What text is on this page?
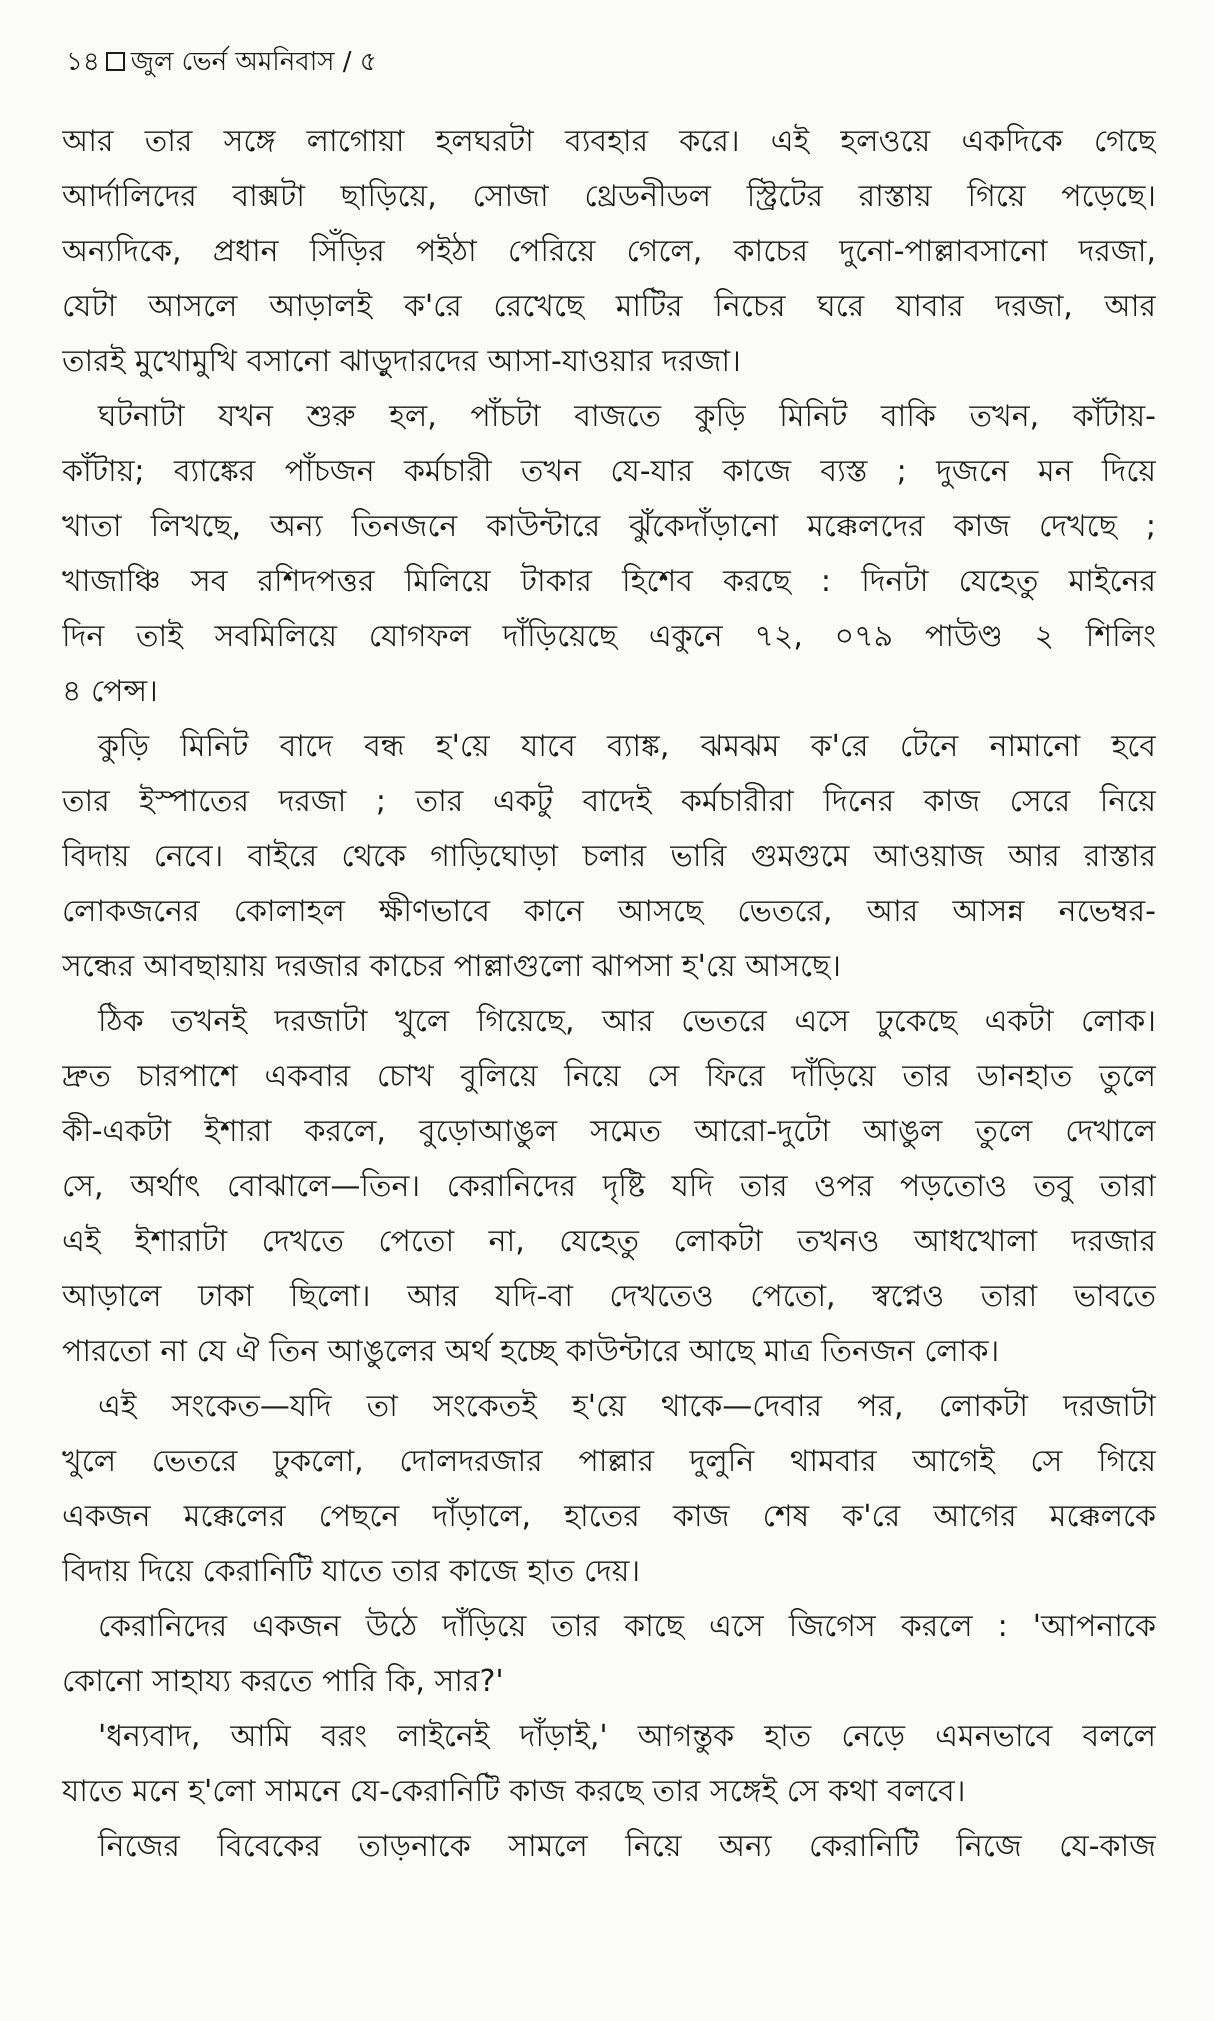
১৪ জুল ভের্ন অমনিবাস / ৫
আর তার সঙ্গে লাগোয়া হলঘরটা ব্যবহার করে। এই হলওয়ে একদিকে গেছে
আর্দালিদের বাক্সটা ছাড়িয়ে, সোজা থ্রেডনীডল স্ট্রিটের রাস্তায় গিয়ে পড়েছে।
অন্যদিকে, প্রধান সিঁড়ির পইঠা পেরিয়ে গেলে, কাচের দুনো-পাল্লাবসানো দরজা,
যেটা আসলে আড়ালই ক'রে রেখেছে মাটির নিচের ঘরে যাবার দরজা, আর
তারই মুখোমুখি বসানো ঝাড়ুদারদের আসা-যাওয়ার দরজা।
ঘটনাটা যখন শুরু হল, পাঁচটা বাজতে কুড়ি মিনিট বাকি তখন, কাঁটায়-
কাঁটায়; ব্যাঙ্কের পাঁচজন কর্মচারী তখন যে-যার কাজে ব্যস্ত ; দুজনে মন দিয়ে
খাতা লিখছে, অন্য তিনজনে কাউন্টারে ঝুঁকেদাঁড়ানো মক্কেলদের কাজ দেখছে ;
খাজাঞ্চি সব রশিদপত্তর মিলিয়ে টাকার হিশেব করছে : দিনটা যেহেতু মাইনের
দিন তাই সবমিলিয়ে যোগফল দাঁড়িয়েছে একুনে ৭২, ০৭৯ পাউণ্ড ২ শিলিং
৪ পেন্স।
কুড়ি মিনিট বাদে বন্ধ হ'য়ে যাবে ব্যাঙ্ক, ঝমঝম ক'রে টেনে নামানো হবে
তার ইস্পাতের দরজা ; তার একটু বাদেই কর্মচারীরা দিনের কাজ সেরে নিয়ে
বিদায় নেবে। বাইরে থেকে গাড়িঘোড়া চলার ভারি গুমগুমে আওয়াজ আর রাস্তার
লোকজনের কোলাহল ক্ষীণভাবে কানে আসছে ভেতরে, আর আসন্ন নভেম্বর-
সন্ধের আবছায়ায় দরজার কাচের পাল্লাগুলো ঝাপসা হ'য়ে আসছে।
ঠিক তখনই দরজাটা খুলে গিয়েছে, আর ভেতরে এসে ঢুকেছে একটা লোক।
দ্রুত চারপাশে একবার চোখ বুলিয়ে নিয়ে সে ফিরে দাঁড়িয়ে তার ডানহাত তুলে
কী-একটা ইশারা করলে, বুড়োআঙুল সমেত আরো-দুটো আঙুল তুলে দেখালে
সে, অর্থাৎ বোঝালে—তিন। কেরানিদের দৃষ্টি যদি তার ওপর পড়তোও তবু তারা
এই ইশারাটা দেখতে পেতো না, যেহেতু লোকটা তখনও আধখোলা দরজার
আড়ালে ঢাকা ছিলো। আর যদি-বা দেখতেও পেতো, স্বপ্নেও তারা ভাবতে
পারতো না যে ঐ তিন আঙুলের অর্থ হচ্ছে কাউন্টারে আছে মাত্র তিনজন লোক।
এই সংকেত—যদি তা সংকেতই হ'য়ে থাকে—দেবার পর, লোকটা দরজাটা
খুলে ভেতরে ঢুকলো, দোলদরজার পাল্লার দুলুনি থামবার আগেই সে গিয়ে
একজন মক্কেলের পেছনে দাঁড়ালে, হাতের কাজ শেষ ক'রে আগের মক্কেলকে
বিদায় দিয়ে কেরানিটি যাতে তার কাজে হাত দেয়।
কেরানিদের একজন উঠে দাঁড়িয়ে তার কাছে এসে জিগেস করলে : 'আপনাকে
কোনো সাহায্য করতে পারি কি, সার?'
'ধন্যবাদ, আমি বরং লাইনেই দাঁড়াই,' আগন্তুক হাত নেড়ে এমনভাবে বললে
যাতে মনে হ'লো সামনে যে-কেরানিটি কাজ করছে তার সঙ্গেই সে কথা বলবে।
নিজের বিবেকের তাড়নাকে সামলে নিয়ে অন্য কেরানিটি নিজে যে-কাজ
